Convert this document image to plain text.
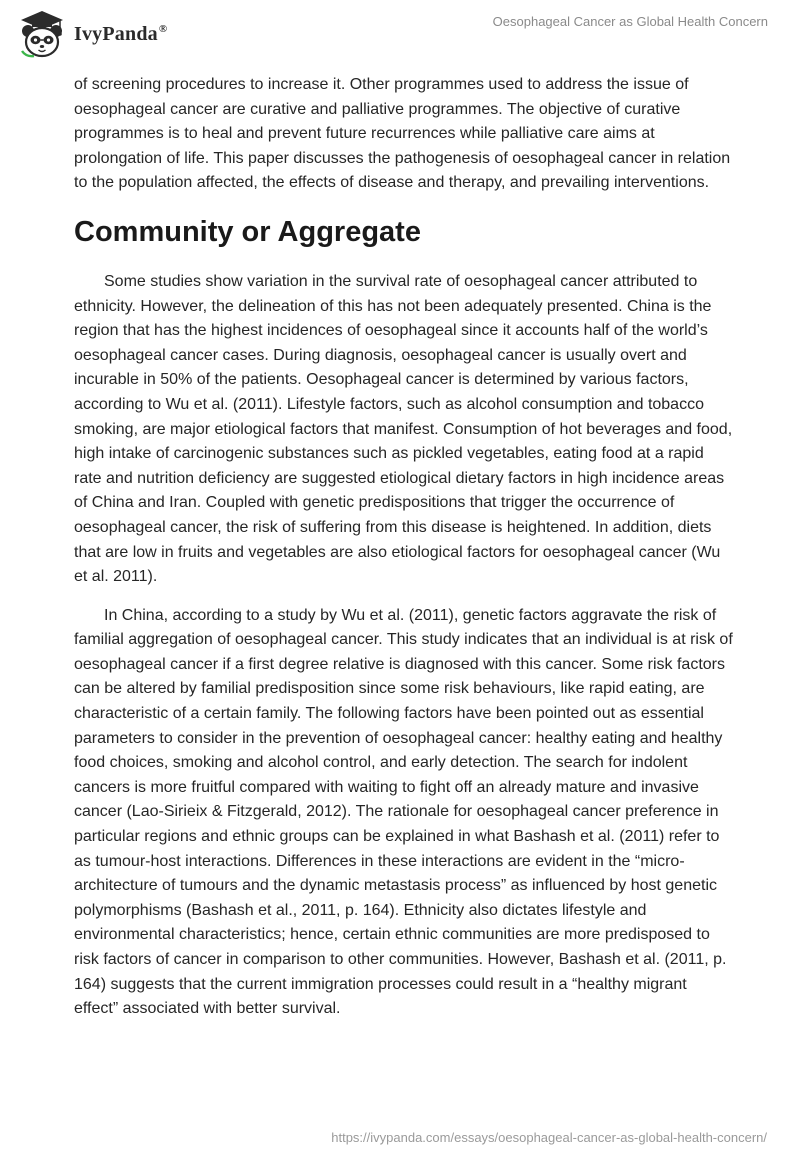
IvyPanda®	Oesophageal Cancer as Global Health Concern

of screening procedures to increase it. Other programmes used to address the issue of oesophageal cancer are curative and palliative programmes. The objective of curative programmes is to heal and prevent future recurrences while palliative care aims at prolongation of life. This paper discusses the pathogenesis of oesophageal cancer in relation to the population affected, the effects of disease and therapy, and prevailing interventions.

Community or Aggregate

Some studies show variation in the survival rate of oesophageal cancer attributed to ethnicity. However, the delineation of this has not been adequately presented. China is the region that has the highest incidences of oesophageal since it accounts half of the world’s oesophageal cancer cases. During diagnosis, oesophageal cancer is usually overt and incurable in 50% of the patients. Oesophageal cancer is determined by various factors, according to Wu et al. (2011). Lifestyle factors, such as alcohol consumption and tobacco smoking, are major etiological factors that manifest. Consumption of hot beverages and food, high intake of carcinogenic substances such as pickled vegetables, eating food at a rapid rate and nutrition deficiency are suggested etiological dietary factors in high incidence areas of China and Iran. Coupled with genetic predispositions that trigger the occurrence of oesophageal cancer, the risk of suffering from this disease is heightened. In addition, diets that are low in fruits and vegetables are also etiological factors for oesophageal cancer (Wu et al. 2011).

In China, according to a study by Wu et al. (2011), genetic factors aggravate the risk of familial aggregation of oesophageal cancer. This study indicates that an individual is at risk of oesophageal cancer if a first degree relative is diagnosed with this cancer. Some risk factors can be altered by familial predisposition since some risk behaviours, like rapid eating, are characteristic of a certain family. The following factors have been pointed out as essential parameters to consider in the prevention of oesophageal cancer: healthy eating and healthy food choices, smoking and alcohol control, and early detection. The search for indolent cancers is more fruitful compared with waiting to fight off an already mature and invasive cancer (Lao-Sirieix & Fitzgerald, 2012). The rationale for oesophageal cancer preference in particular regions and ethnic groups can be explained in what Bashash et al. (2011) refer to as tumour-host interactions. Differences in these interactions are evident in the “micro-architecture of tumours and the dynamic metastasis process” as influenced by host genetic polymorphisms (Bashash et al., 2011, p. 164). Ethnicity also dictates lifestyle and environmental characteristics; hence, certain ethnic communities are more predisposed to risk factors of cancer in comparison to other communities. However, Bashash et al. (2011, p. 164) suggests that the current immigration processes could result in a “healthy migrant effect” associated with better survival.

https://ivypanda.com/essays/oesophageal-cancer-as-global-health-concern/
